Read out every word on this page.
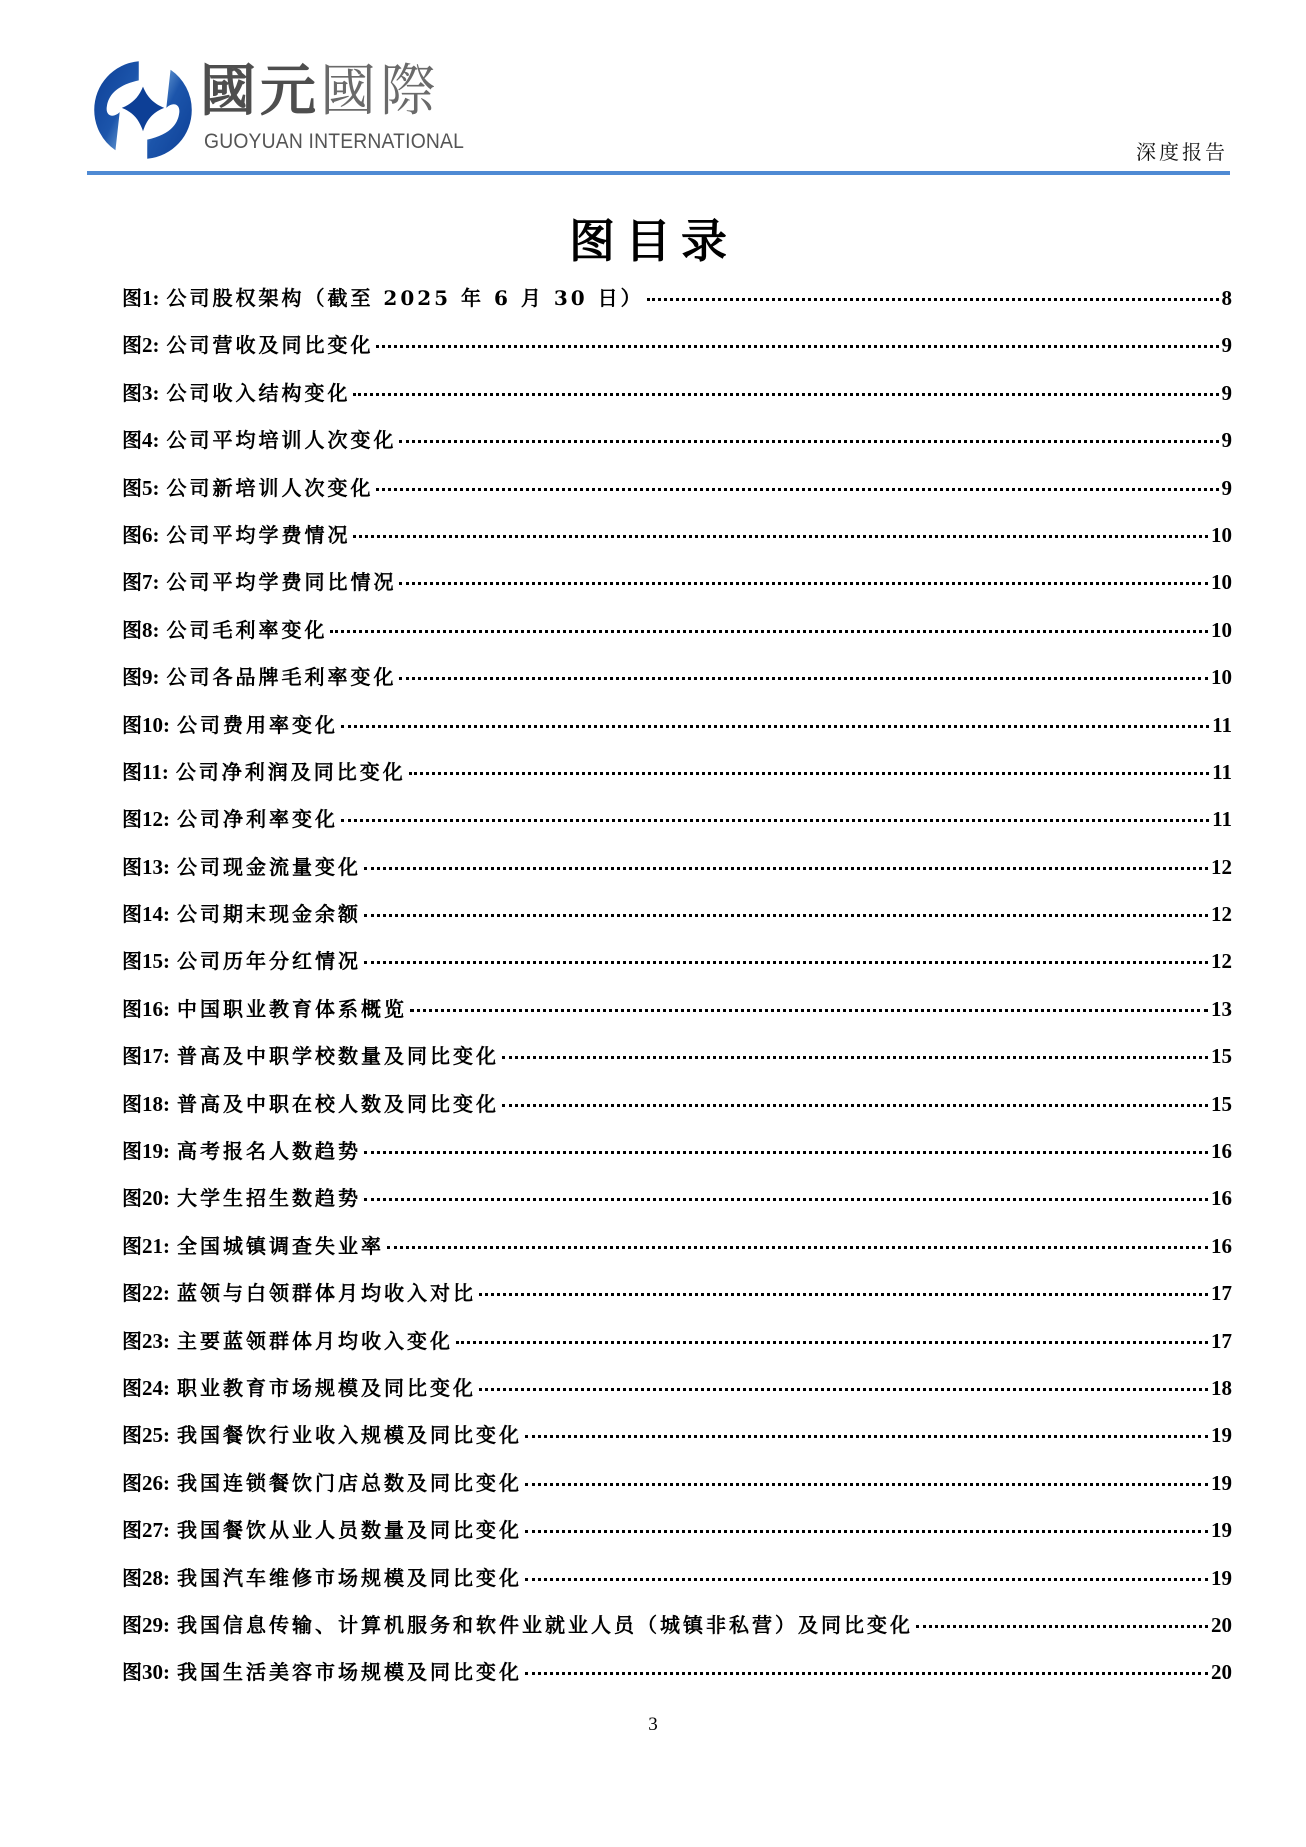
國元國際
GUOYUAN INTERNATIONAL	深度报告
图目录
图1: 公司股权架构（截至 2025 年 6 月 30 日）	8
图2: 公司营收及同比变化	9
图3: 公司收入结构变化	9
图4: 公司平均培训人次变化	9
图5: 公司新培训人次变化	9
图6: 公司平均学费情况	10
图7: 公司平均学费同比情况	10
图8: 公司毛利率变化	10
图9: 公司各品牌毛利率变化	10
图10: 公司费用率变化	11
图11: 公司净利润及同比变化	11
图12: 公司净利率变化	11
图13: 公司现金流量变化	12
图14: 公司期末现金余额	12
图15: 公司历年分红情况	12
图16: 中国职业教育体系概览	13
图17: 普高及中职学校数量及同比变化	15
图18: 普高及中职在校人数及同比变化	15
图19: 高考报名人数趋势	16
图20: 大学生招生数趋势	16
图21: 全国城镇调查失业率	16
图22: 蓝领与白领群体月均收入对比	17
图23: 主要蓝领群体月均收入变化	17
图24: 职业教育市场规模及同比变化	18
图25: 我国餐饮行业收入规模及同比变化	19
图26: 我国连锁餐饮门店总数及同比变化	19
图27: 我国餐饮从业人员数量及同比变化	19
图28: 我国汽车维修市场规模及同比变化	19
图29: 我国信息传输、计算机服务和软件业就业人员（城镇非私营）及同比变化	20
图30: 我国生活美容市场规模及同比变化	20
3
